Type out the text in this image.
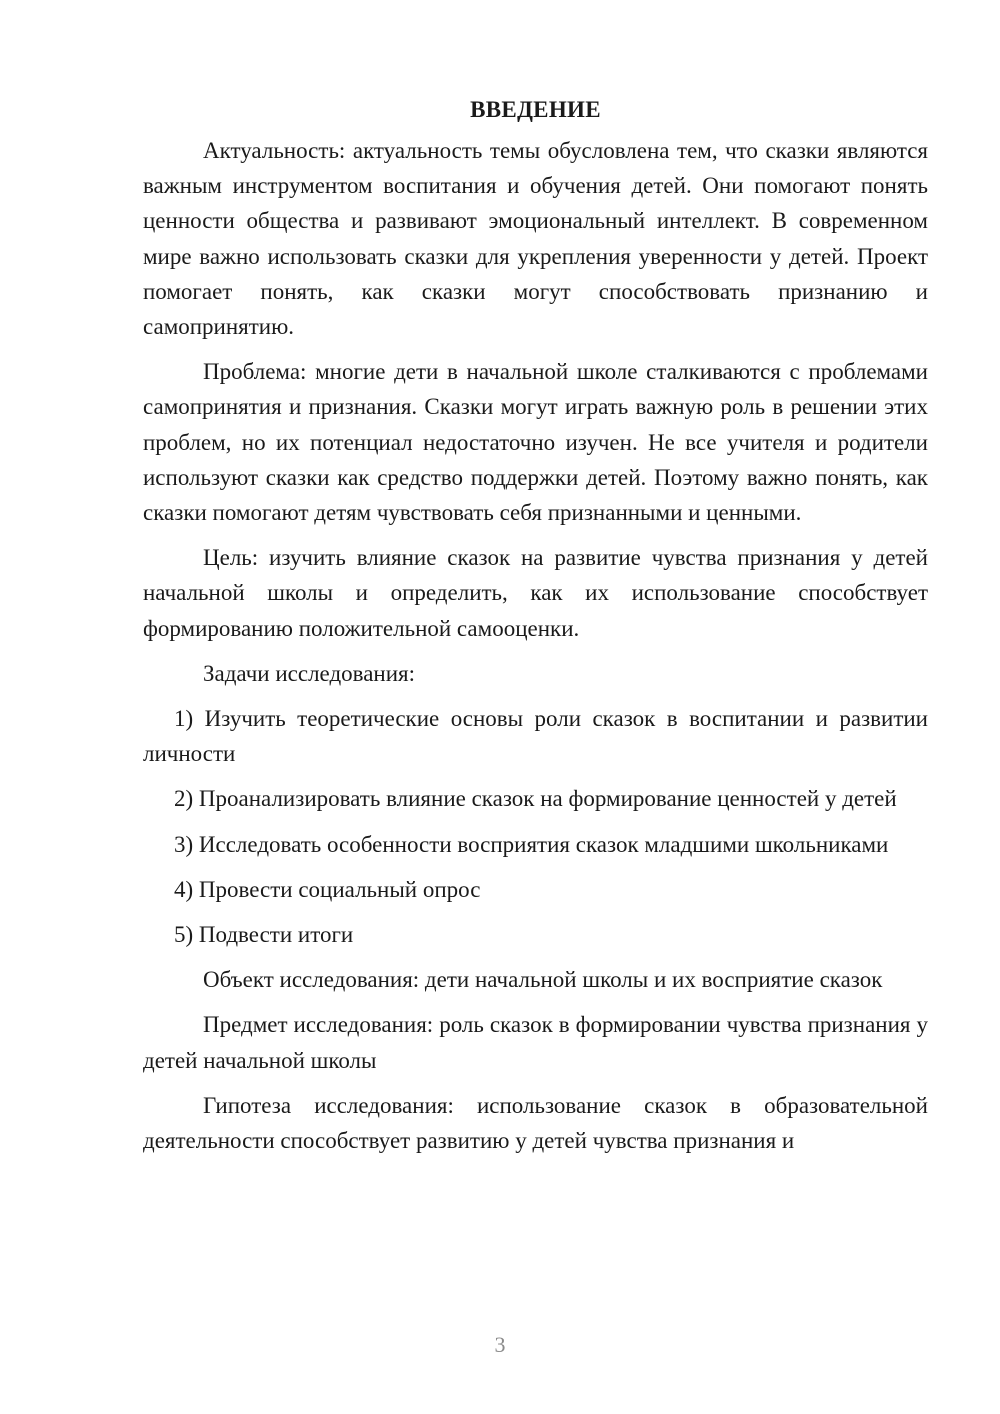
ВВЕДЕНИЕ

Актуальность: актуальность темы обусловлена тем, что сказки являются важным инструментом воспитания и обучения детей. Они помогают понять ценности общества и развивают эмоциональный интеллект. В современном мире важно использовать сказки для укрепления уверенности у детей. Проект помогает понять, как сказки могут способствовать признанию и самопринятию.

Проблема: многие дети в начальной школе сталкиваются с проблемами самопринятия и признания. Сказки могут играть важную роль в решении этих проблем, но их потенциал недостаточно изучен. Не все учителя и родители используют сказки как средство поддержки детей. Поэтому важно понять, как сказки помогают детям чувствовать себя признанными и ценными.

Цель: изучить влияние сказок на развитие чувства признания у детей начальной школы и определить, как их использование способствует формированию положительной самооценки.

Задачи исследования:

1) Изучить теоретические основы роли сказок в воспитании и развитии личности

2) Проанализировать влияние сказок на формирование ценностей у детей

3) Исследовать особенности восприятия сказок младшими школьниками

4) Провести социальный опрос

5) Подвести итоги

Объект исследования: дети начальной школы и их восприятие сказок

Предмет исследования: роль сказок в формировании чувства признания у детей начальной школы

Гипотеза исследования: использование сказок в образовательной деятельности способствует развитию у детей чувства признания и

3
